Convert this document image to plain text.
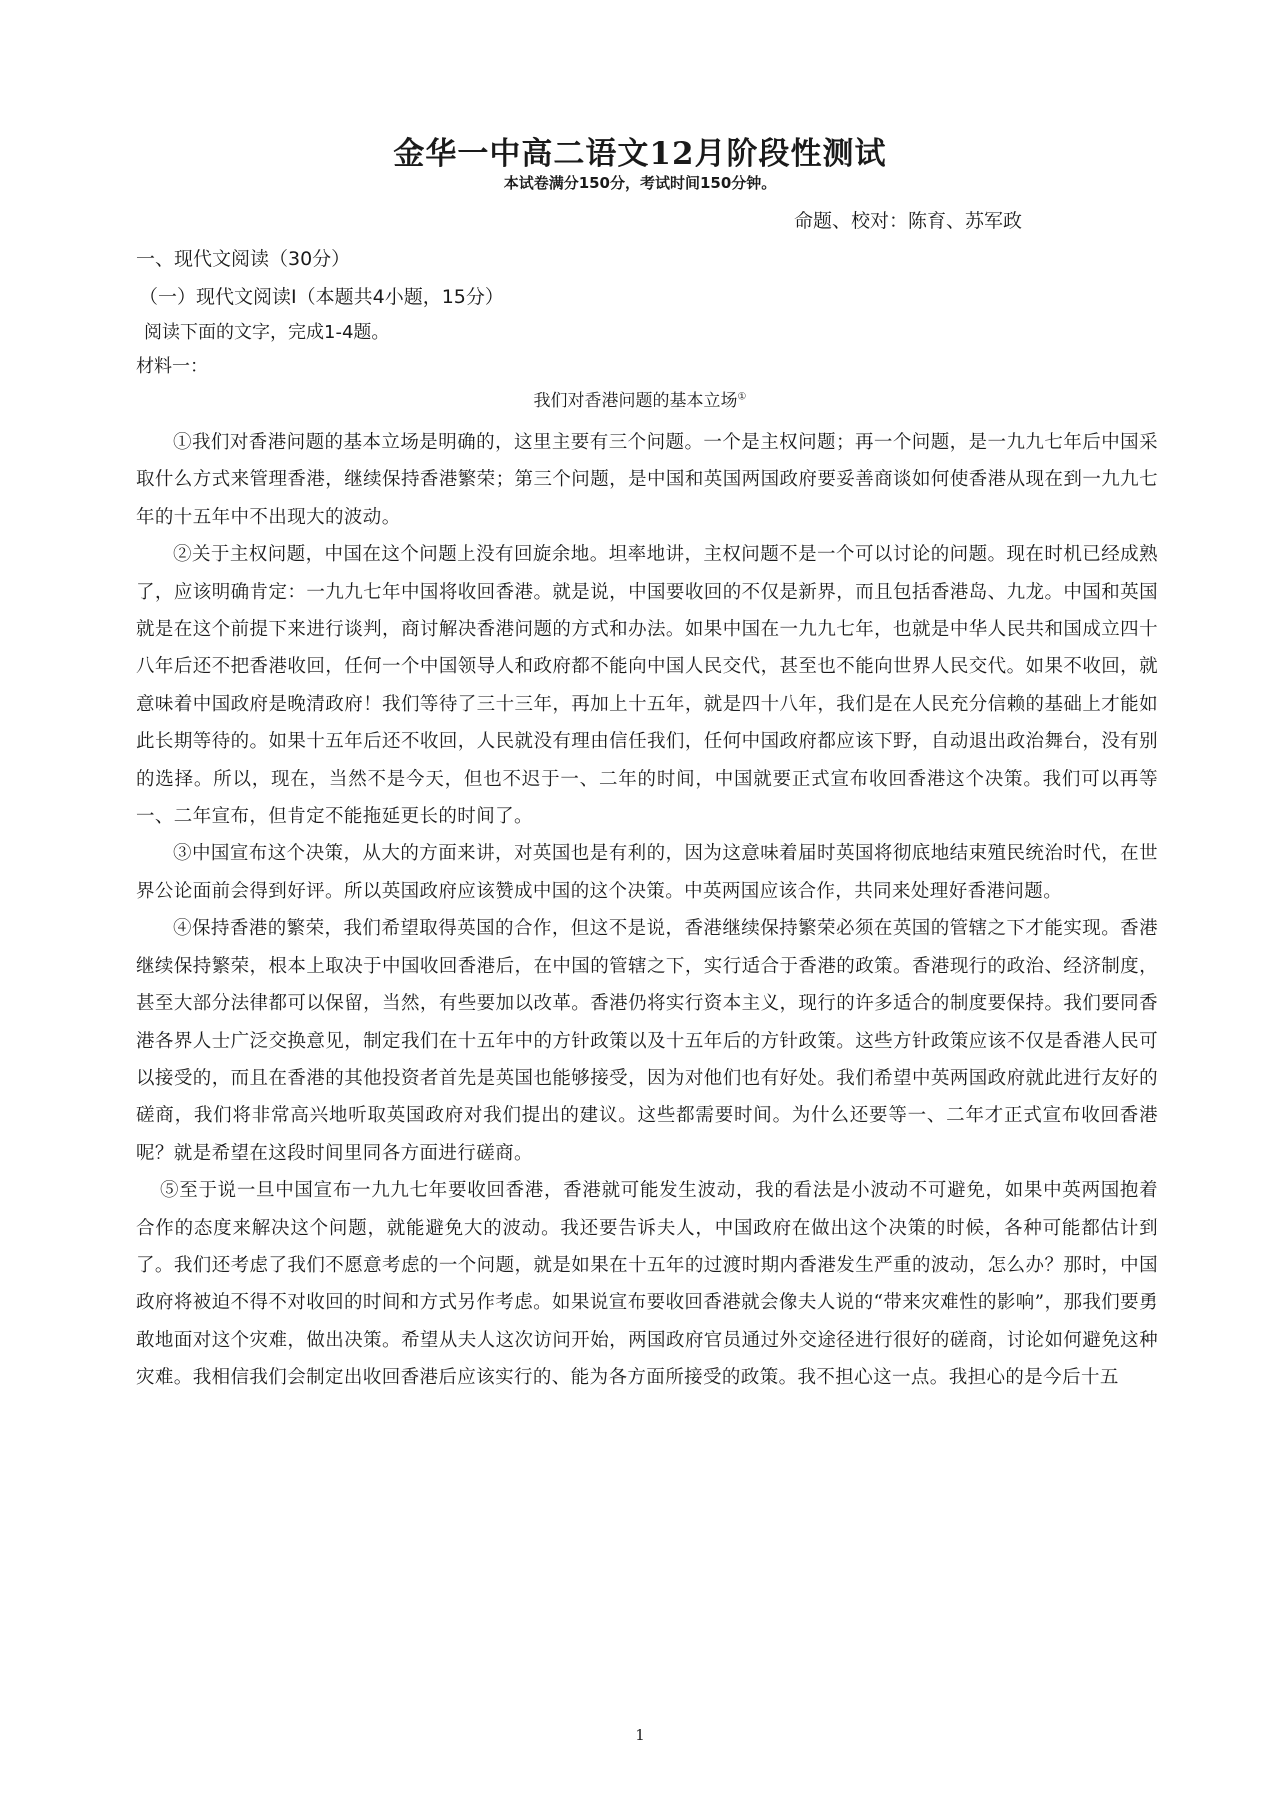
金华一中高二语文12月阶段性测试
本试卷满分150分，考试时间150分钟。
命题、校对：陈育、苏军政
一、现代文阅读（30分）
（一）现代文阅读Ⅰ（本题共4小题，15分）
阅读下面的文字，完成1-4题。
材料一：
我们对香港问题的基本立场①

①我们对香港问题的基本立场是明确的，这里主要有三个问题。一个是主权问题；再一个问题，是一九九七年后中国采取什么方式来管理香港，继续保持香港繁荣；第三个问题，是中国和英国两国政府要妥善商谈如何使香港从现在到一九九七年的十五年中不出现大的波动。

②关于主权问题，中国在这个问题上没有回旋余地。坦率地讲，主权问题不是一个可以讨论的问题。现在时机已经成熟了，应该明确肯定：一九九七年中国将收回香港。就是说，中国要收回的不仅是新界，而且包括香港岛、九龙。中国和英国就是在这个前提下来进行谈判，商讨解决香港问题的方式和办法。如果中国在一九九七年，也就是中华人民共和国成立四十八年后还不把香港收回，任何一个中国领导人和政府都不能向中国人民交代，甚至也不能向世界人民交代。如果不收回，就意味着中国政府是晚清政府！我们等待了三十三年，再加上十五年，就是四十八年，我们是在人民充分信赖的基础上才能如此长期等待的。如果十五年后还不收回，人民就没有理由信任我们，任何中国政府都应该下野，自动退出政治舞台，没有别的选择。所以，现在，当然不是今天，但也不迟于一、二年的时间，中国就要正式宣布收回香港这个决策。我们可以再等一、二年宣布，但肯定不能拖延更长的时间了。

③中国宣布这个决策，从大的方面来讲，对英国也是有利的，因为这意味着届时英国将彻底地结束殖民统治时代，在世界公论面前会得到好评。所以英国政府应该赞成中国的这个决策。中英两国应该合作，共同来处理好香港问题。

④保持香港的繁荣，我们希望取得英国的合作，但这不是说，香港继续保持繁荣必须在英国的管辖之下才能实现。香港继续保持繁荣，根本上取决于中国收回香港后，在中国的管辖之下，实行适合于香港的政策。香港现行的政治、经济制度，甚至大部分法律都可以保留，当然，有些要加以改革。香港仍将实行资本主义，现行的许多适合的制度要保持。我们要同香港各界人士广泛交换意见，制定我们在十五年中的方针政策以及十五年后的方针政策。这些方针政策应该不仅是香港人民可以接受的，而且在香港的其他投资者首先是英国也能够接受，因为对他们也有好处。我们希望中英两国政府就此进行友好的磋商，我们将非常高兴地听取英国政府对我们提出的建议。这些都需要时间。为什么还要等一、二年才正式宣布收回香港呢？就是希望在这段时间里同各方面进行磋商。

⑤至于说一旦中国宣布一九九七年要收回香港，香港就可能发生波动，我的看法是小波动不可避免，如果中英两国抱着合作的态度来解决这个问题，就能避免大的波动。我还要告诉夫人，中国政府在做出这个决策的时候，各种可能都估计到了。我们还考虑了我们不愿意考虑的一个问题，就是如果在十五年的过渡时期内香港发生严重的波动，怎么办？那时，中国政府将被迫不得不对收回的时间和方式另作考虑。如果说宣布要收回香港就会像夫人说的“带来灾难性的影响”，那我们要勇敢地面对这个灾难，做出决策。希望从夫人这次访问开始，两国政府官员通过外交途径进行很好的磋商，讨论如何避免这种灾难。我相信我们会制定出收回香港后应该实行的、能为各方面所接受的政策。我不担心这一点。我担心的是今后十五

1
